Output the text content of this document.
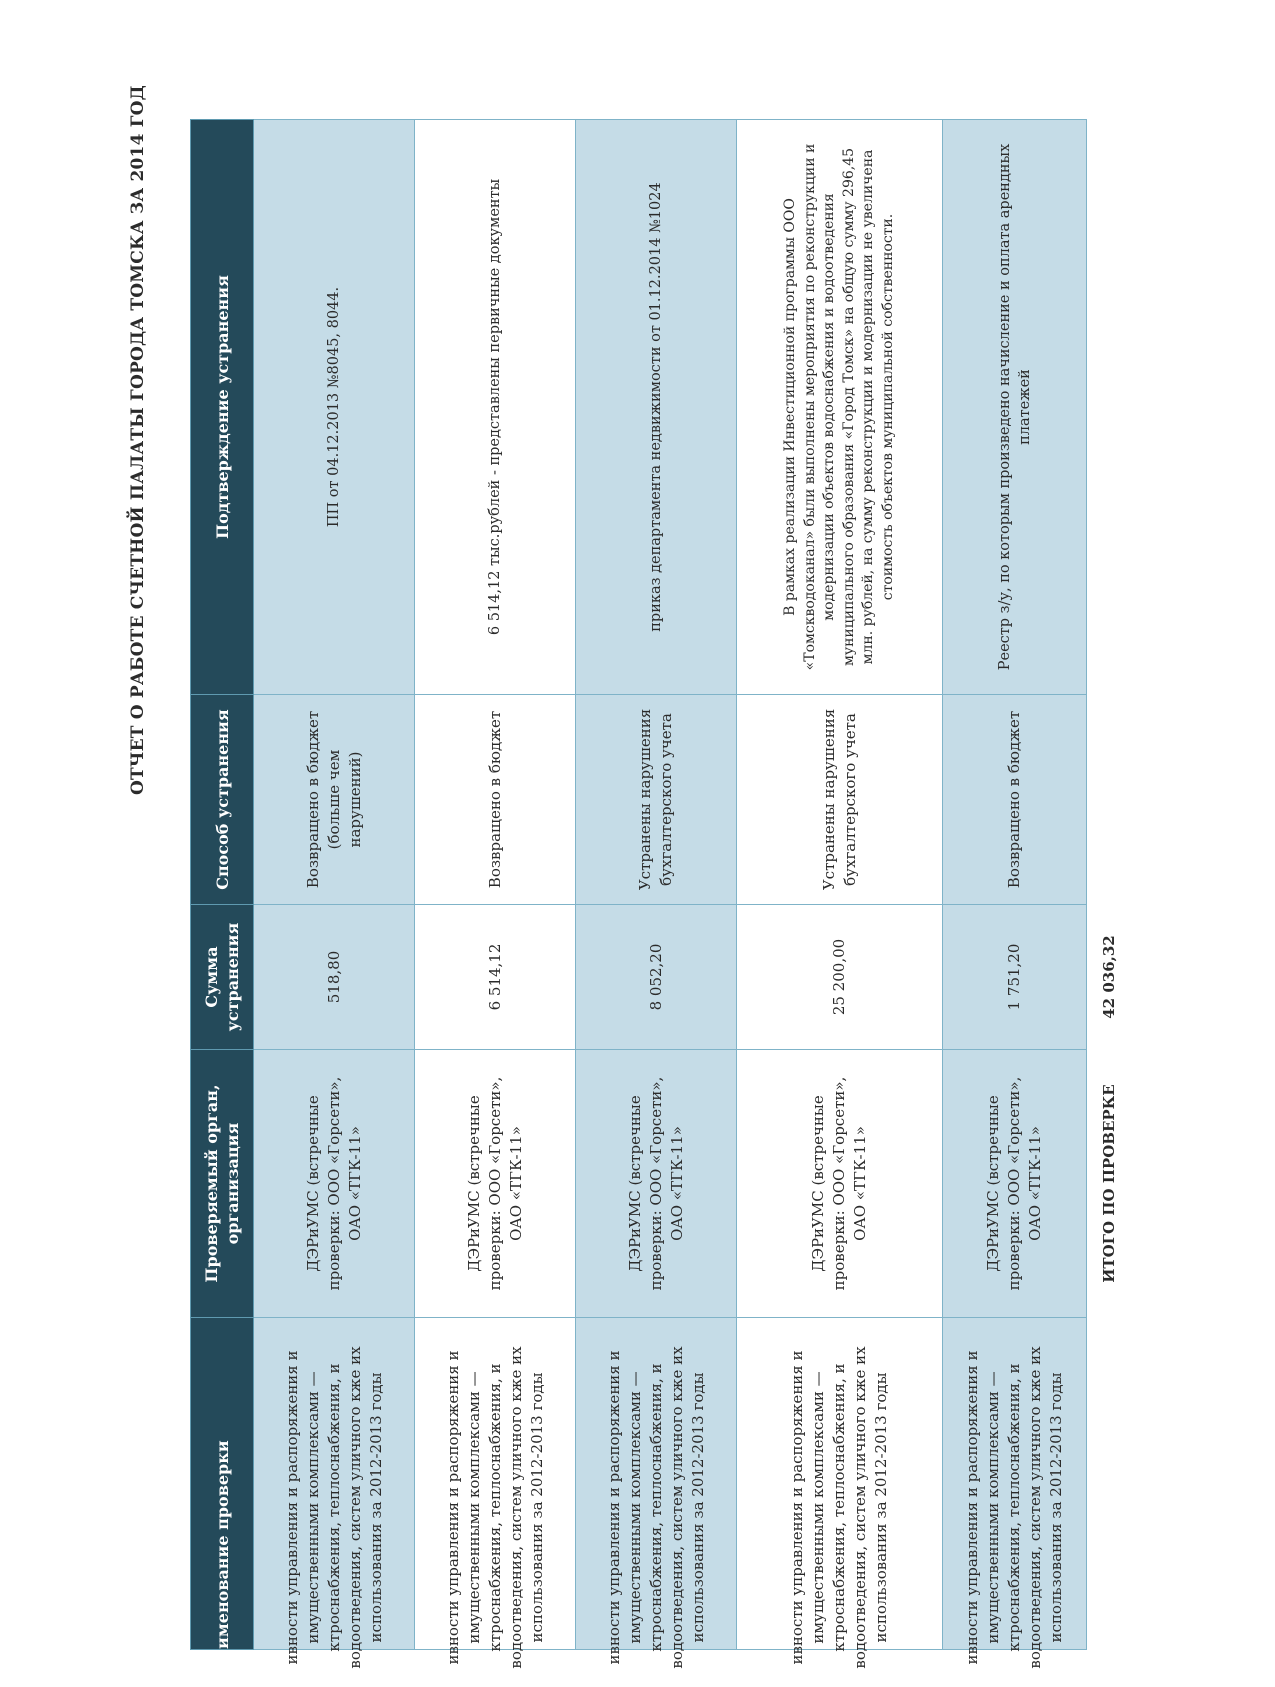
ОТЧЕТ О РАБОТЕ СЧЕТНОЙ ПАЛАТЫ ГОРОДА ТОМСКА ЗА 2014 ГОД
именование проверки	Проверяемый орган, организация	Сумма устранения	Способ устранения	Подтверждение устранения

ивности управления и распоряжения и имущественными комплексами — ктроснабжения, теплоснабжения, и водоотведения, систем уличного кже их использования за 2012-2013 годы	ДЭРиУМС (встречные проверки: ООО «Горсети», ОАО «ТГК-11»	518,80	Возвращено в бюджет (больше чем нарушений)	ПП от 04.12.2013 №8045, 8044.

ивности управления и распоряжения и имущественными комплексами — ктроснабжения, теплоснабжения, и водоотведения, систем уличного кже их использования за 2012-2013 годы	ДЭРиУМС (встречные проверки: ООО «Горсети», ОАО «ТГК-11»	6 514,12	Возвращено в бюджет	6 514,12 тыс.рублей - представлены первичные документы

ивности управления и распоряжения и имущественными комплексами — ктроснабжения, теплоснабжения, и водоотведения, систем уличного кже их использования за 2012-2013 годы	ДЭРиУМС (встречные проверки: ООО «Горсети», ОАО «ТГК-11»	8 052,20	Устранены нарушения бухгалтерского учета	приказ департамента недвижимости от 01.12.2014 №1024

ивности управления и распоряжения и имущественными комплексами — ктроснабжения, теплоснабжения, и водоотведения, систем уличного кже их использования за 2012-2013 годы	ДЭРиУМС (встречные проверки: ООО «Горсети», ОАО «ТГК-11»	25 200,00	Устранены нарушения бухгалтерского учета	В рамках реализации Инвестиционной программы ООО «Томскводоканал» были выполнены мероприятия по реконструкции и модернизации объектов водоснабжения и водоотведения муниципального образования «Город Томск» на общую сумму 296,45 млн. рублей, на сумму реконструкции и модернизации не увеличена стоимость объектов муниципальной собственности.

ивности управления и распоряжения и имущественными комплексами — ктроснабжения, теплоснабжения, и водоотведения, систем уличного кже их использования за 2012-2013 годы	ДЭРиУМС (встречные проверки: ООО «Горсети», ОАО «ТГК-11»	1 751,20	Возвращено в бюджет	Реестр з/у, по которым произведено начисление и оплата арендных платежей

	ИТОГО ПО ПРОВЕРКЕ	42 036,32		
